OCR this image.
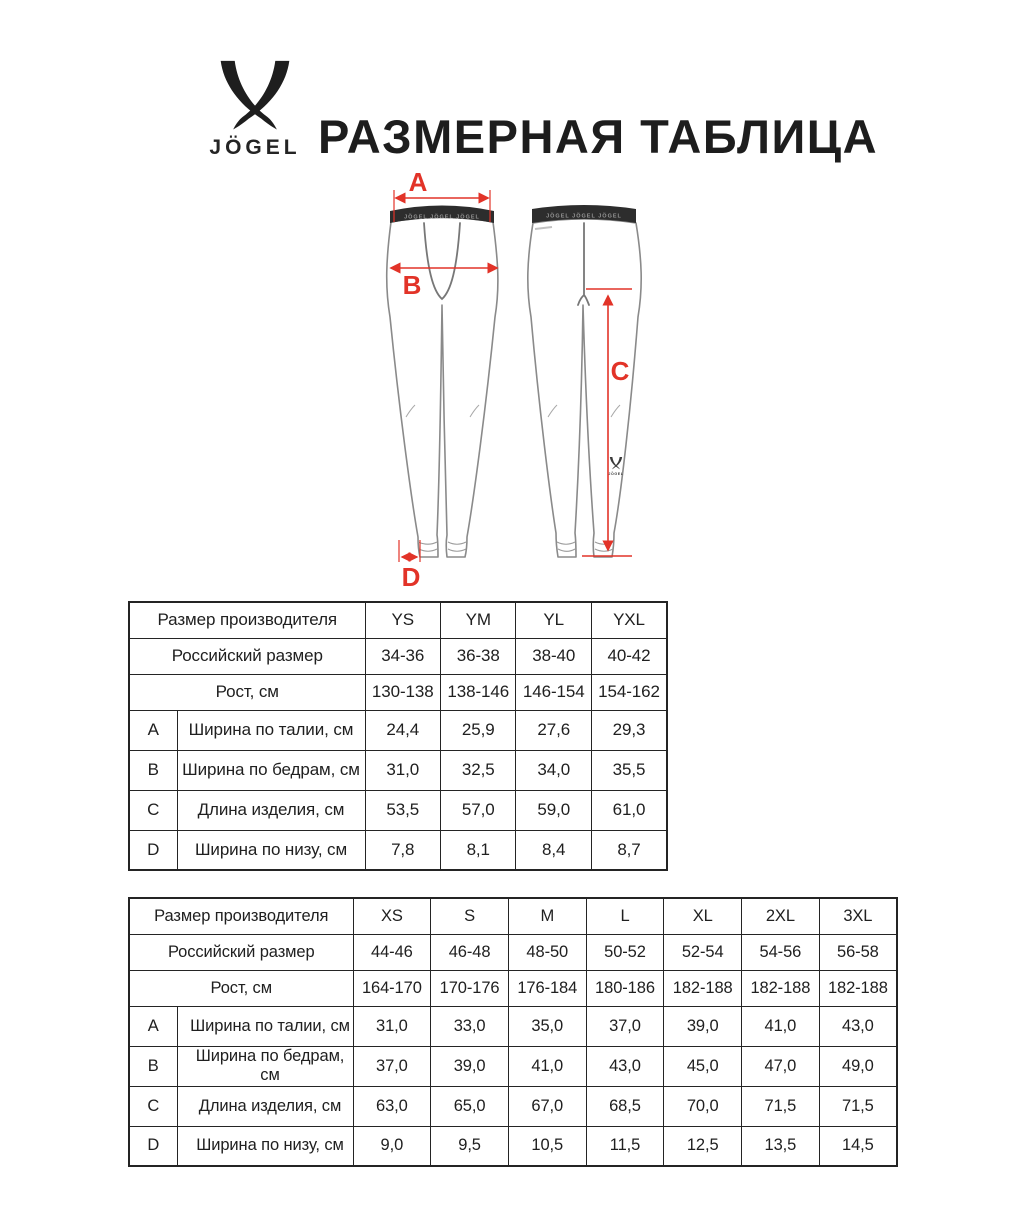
JÖGEL РАЗМЕРНАЯ ТАБЛИЦА
JÖGEL JÖGEL JÖGEL	JÖGEL JÖGEL JÖGEL
JÖGEL
A
B
C
D
Размер производителя		YS	YM	YL	YXL
Российский размер		34-36	36-38	38-40	40-42
Рост, см		130-138	138-146	146-154	154-162
A	Ширина по талии, см	24,4	25,9	27,6	29,3
B	Ширина по бедрам, см	31,0	32,5	34,0	35,5
C	Длина изделия, см	53,5	57,0	59,0	61,0
D	Ширина по низу, см	7,8	8,1	8,4	8,7
Размер производителя		XS	S	M	L	XL	2XL	3XL
Российский размер		44-46	46-48	48-50	50-52	52-54	54-56	56-58
Рост, см		164-170	170-176	176-184	180-186	182-188	182-188	182-188
A	Ширина по талии, см	31,0	33,0	35,0	37,0	39,0	41,0	43,0
B	Ширина по бедрам, см	37,0	39,0	41,0	43,0	45,0	47,0	49,0
C	Длина изделия, см	63,0	65,0	67,0	68,5	70,0	71,5	71,5
D	Ширина по низу, см	9,0	9,5	10,5	11,5	12,5	13,5	14,5
